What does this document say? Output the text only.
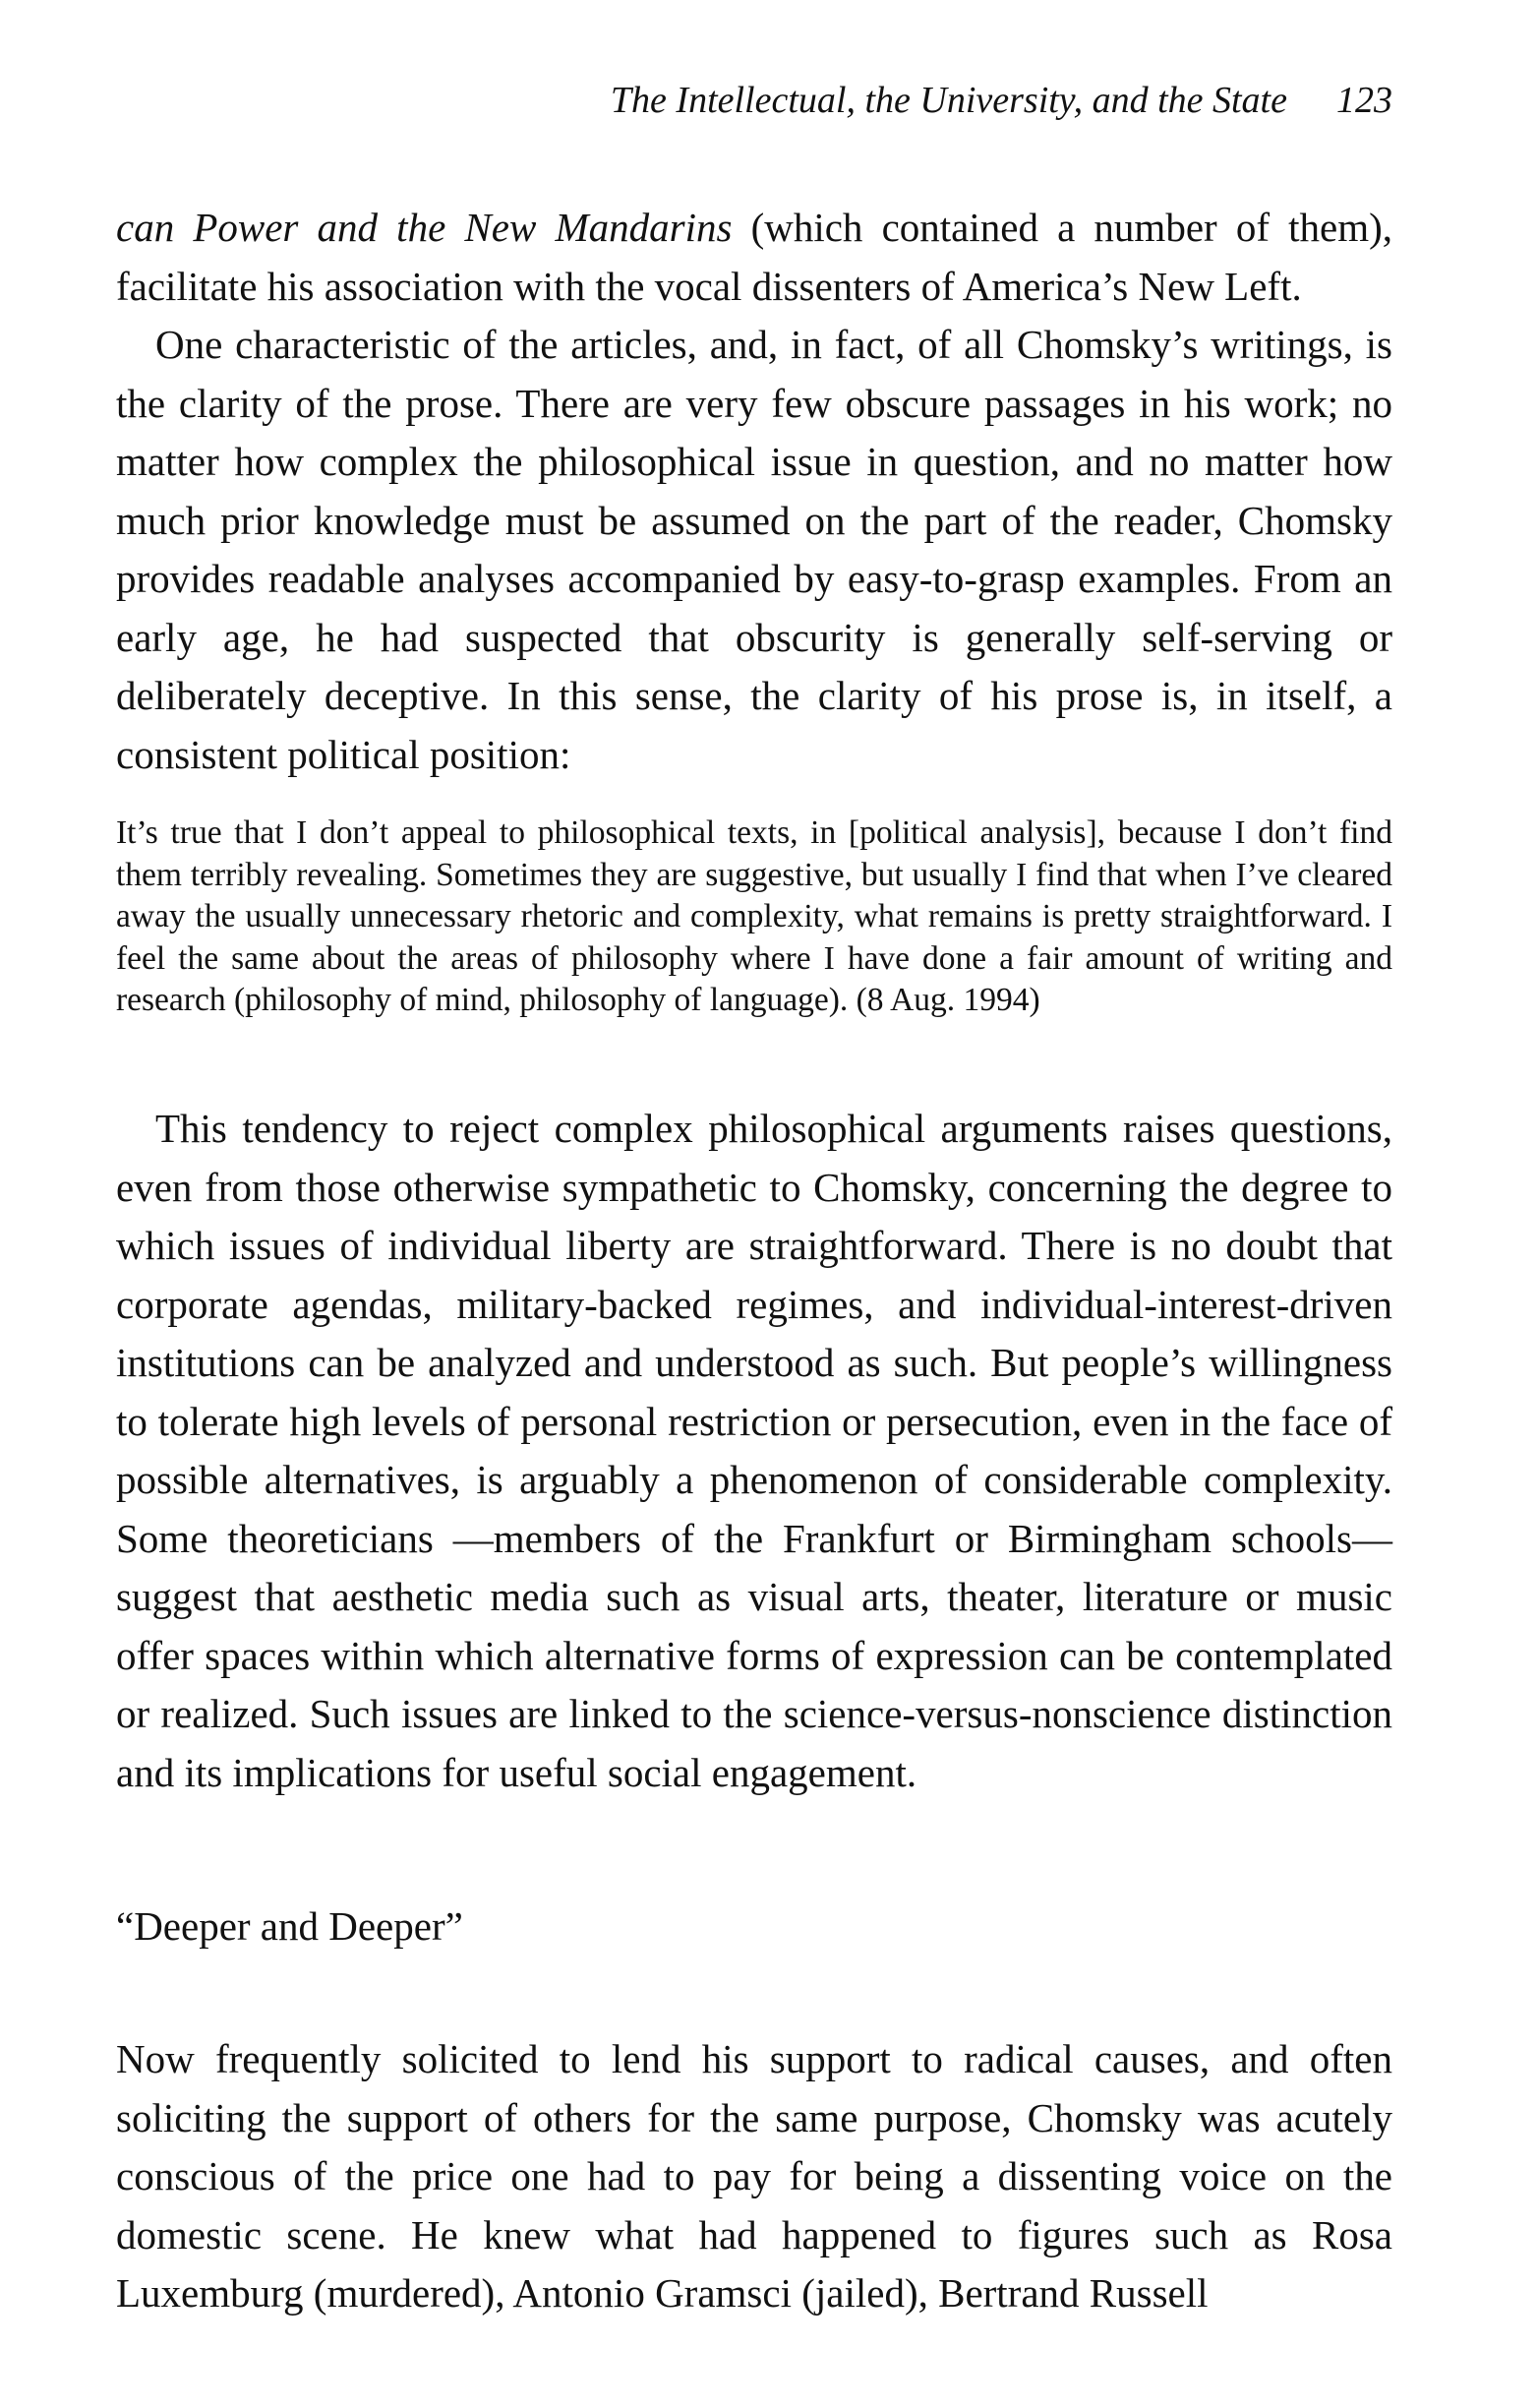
The Intellectual, the University, and the State 123

can Power and the New Mandarins (which contained a number of them), facilitate his association with the vocal dissenters of America’s New Left.

One characteristic of the articles, and, in fact, of all Chomsky’s writings, is the clarity of the prose. There are very few obscure passages in his work; no matter how complex the philosophical issue in question, and no matter how much prior knowledge must be assumed on the part of the reader, Chomsky provides readable analyses accompanied by easy-to-grasp examples. From an early age, he had suspected that obscurity is generally self-serving or deliberately deceptive. In this sense, the clarity of his prose is, in itself, a consistent political position:

It’s true that I don’t appeal to philosophical texts, in [political analysis], because I don’t find them terribly revealing. Sometimes they are suggestive, but usually I find that when I’ve cleared away the usually unnecessary rhetoric and complexity, what remains is pretty straightforward. I feel the same about the areas of philosophy where I have done a fair amount of writing and research (philosophy of mind, philosophy of language). (8 Aug. 1994)

This tendency to reject complex philosophical arguments raises questions, even from those otherwise sympathetic to Chomsky, concerning the degree to which issues of individual liberty are straightforward. There is no doubt that corporate agendas, military-backed regimes, and individual-interest-driven institutions can be analyzed and understood as such. But people’s willingness to tolerate high levels of personal restriction or persecution, even in the face of possible alternatives, is arguably a phenomenon of considerable complexity. Some theoreticians —members of the Frankfurt or Birmingham schools—suggest that aesthetic media such as visual arts, theater, literature or music offer spaces within which alternative forms of expression can be contemplated or realized. Such issues are linked to the science-versus-nonscience distinction and its implications for useful social engagement.

“Deeper and Deeper”

Now frequently solicited to lend his support to radical causes, and often soliciting the support of others for the same purpose, Chomsky was acutely conscious of the price one had to pay for being a dissenting voice on the domestic scene. He knew what had happened to figures such as Rosa Luxemburg (murdered), Antonio Gramsci (jailed), Bertrand Russell
